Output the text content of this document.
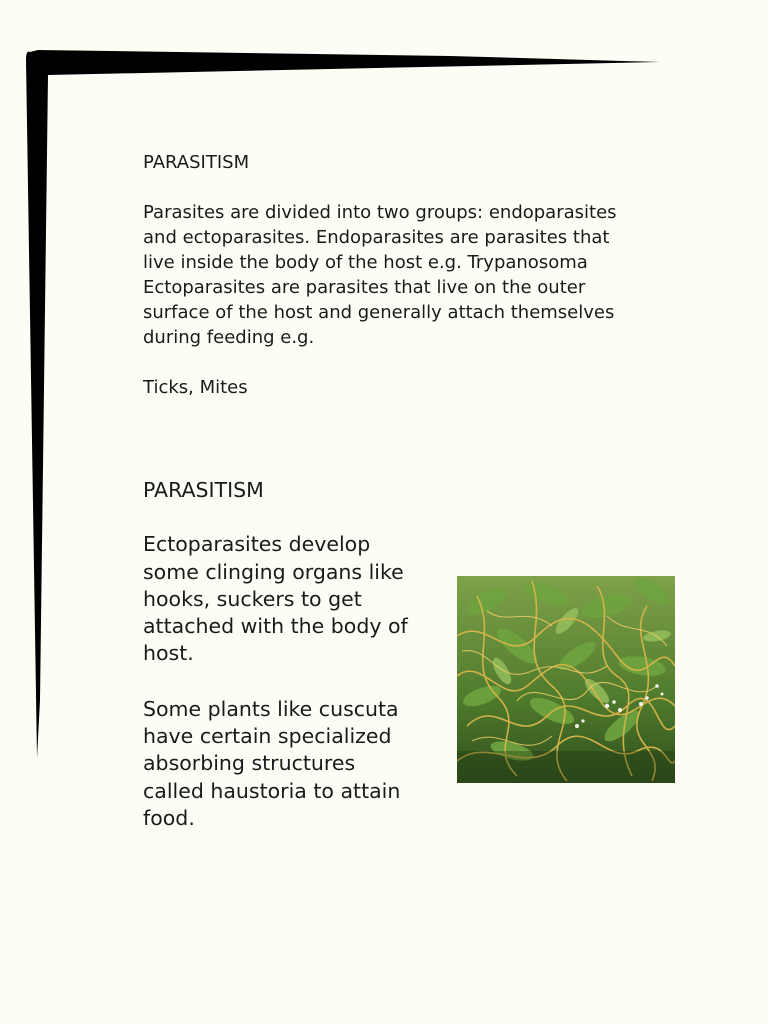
PARASITISM

Parasites are divided into two groups: endoparasites and ectoparasites. Endoparasites are parasites that live inside the body of the host e.g. Trypanosoma Ectoparasites are parasites that live on the outer surface of the host and generally attach themselves during feeding e.g.

Ticks, Mites

PARASITISM

Ectoparasites develop some clinging organs like hooks, suckers to get attached with the body of host.

Some plants like cuscuta have certain specialized absorbing structures called haustoria to attain food.
